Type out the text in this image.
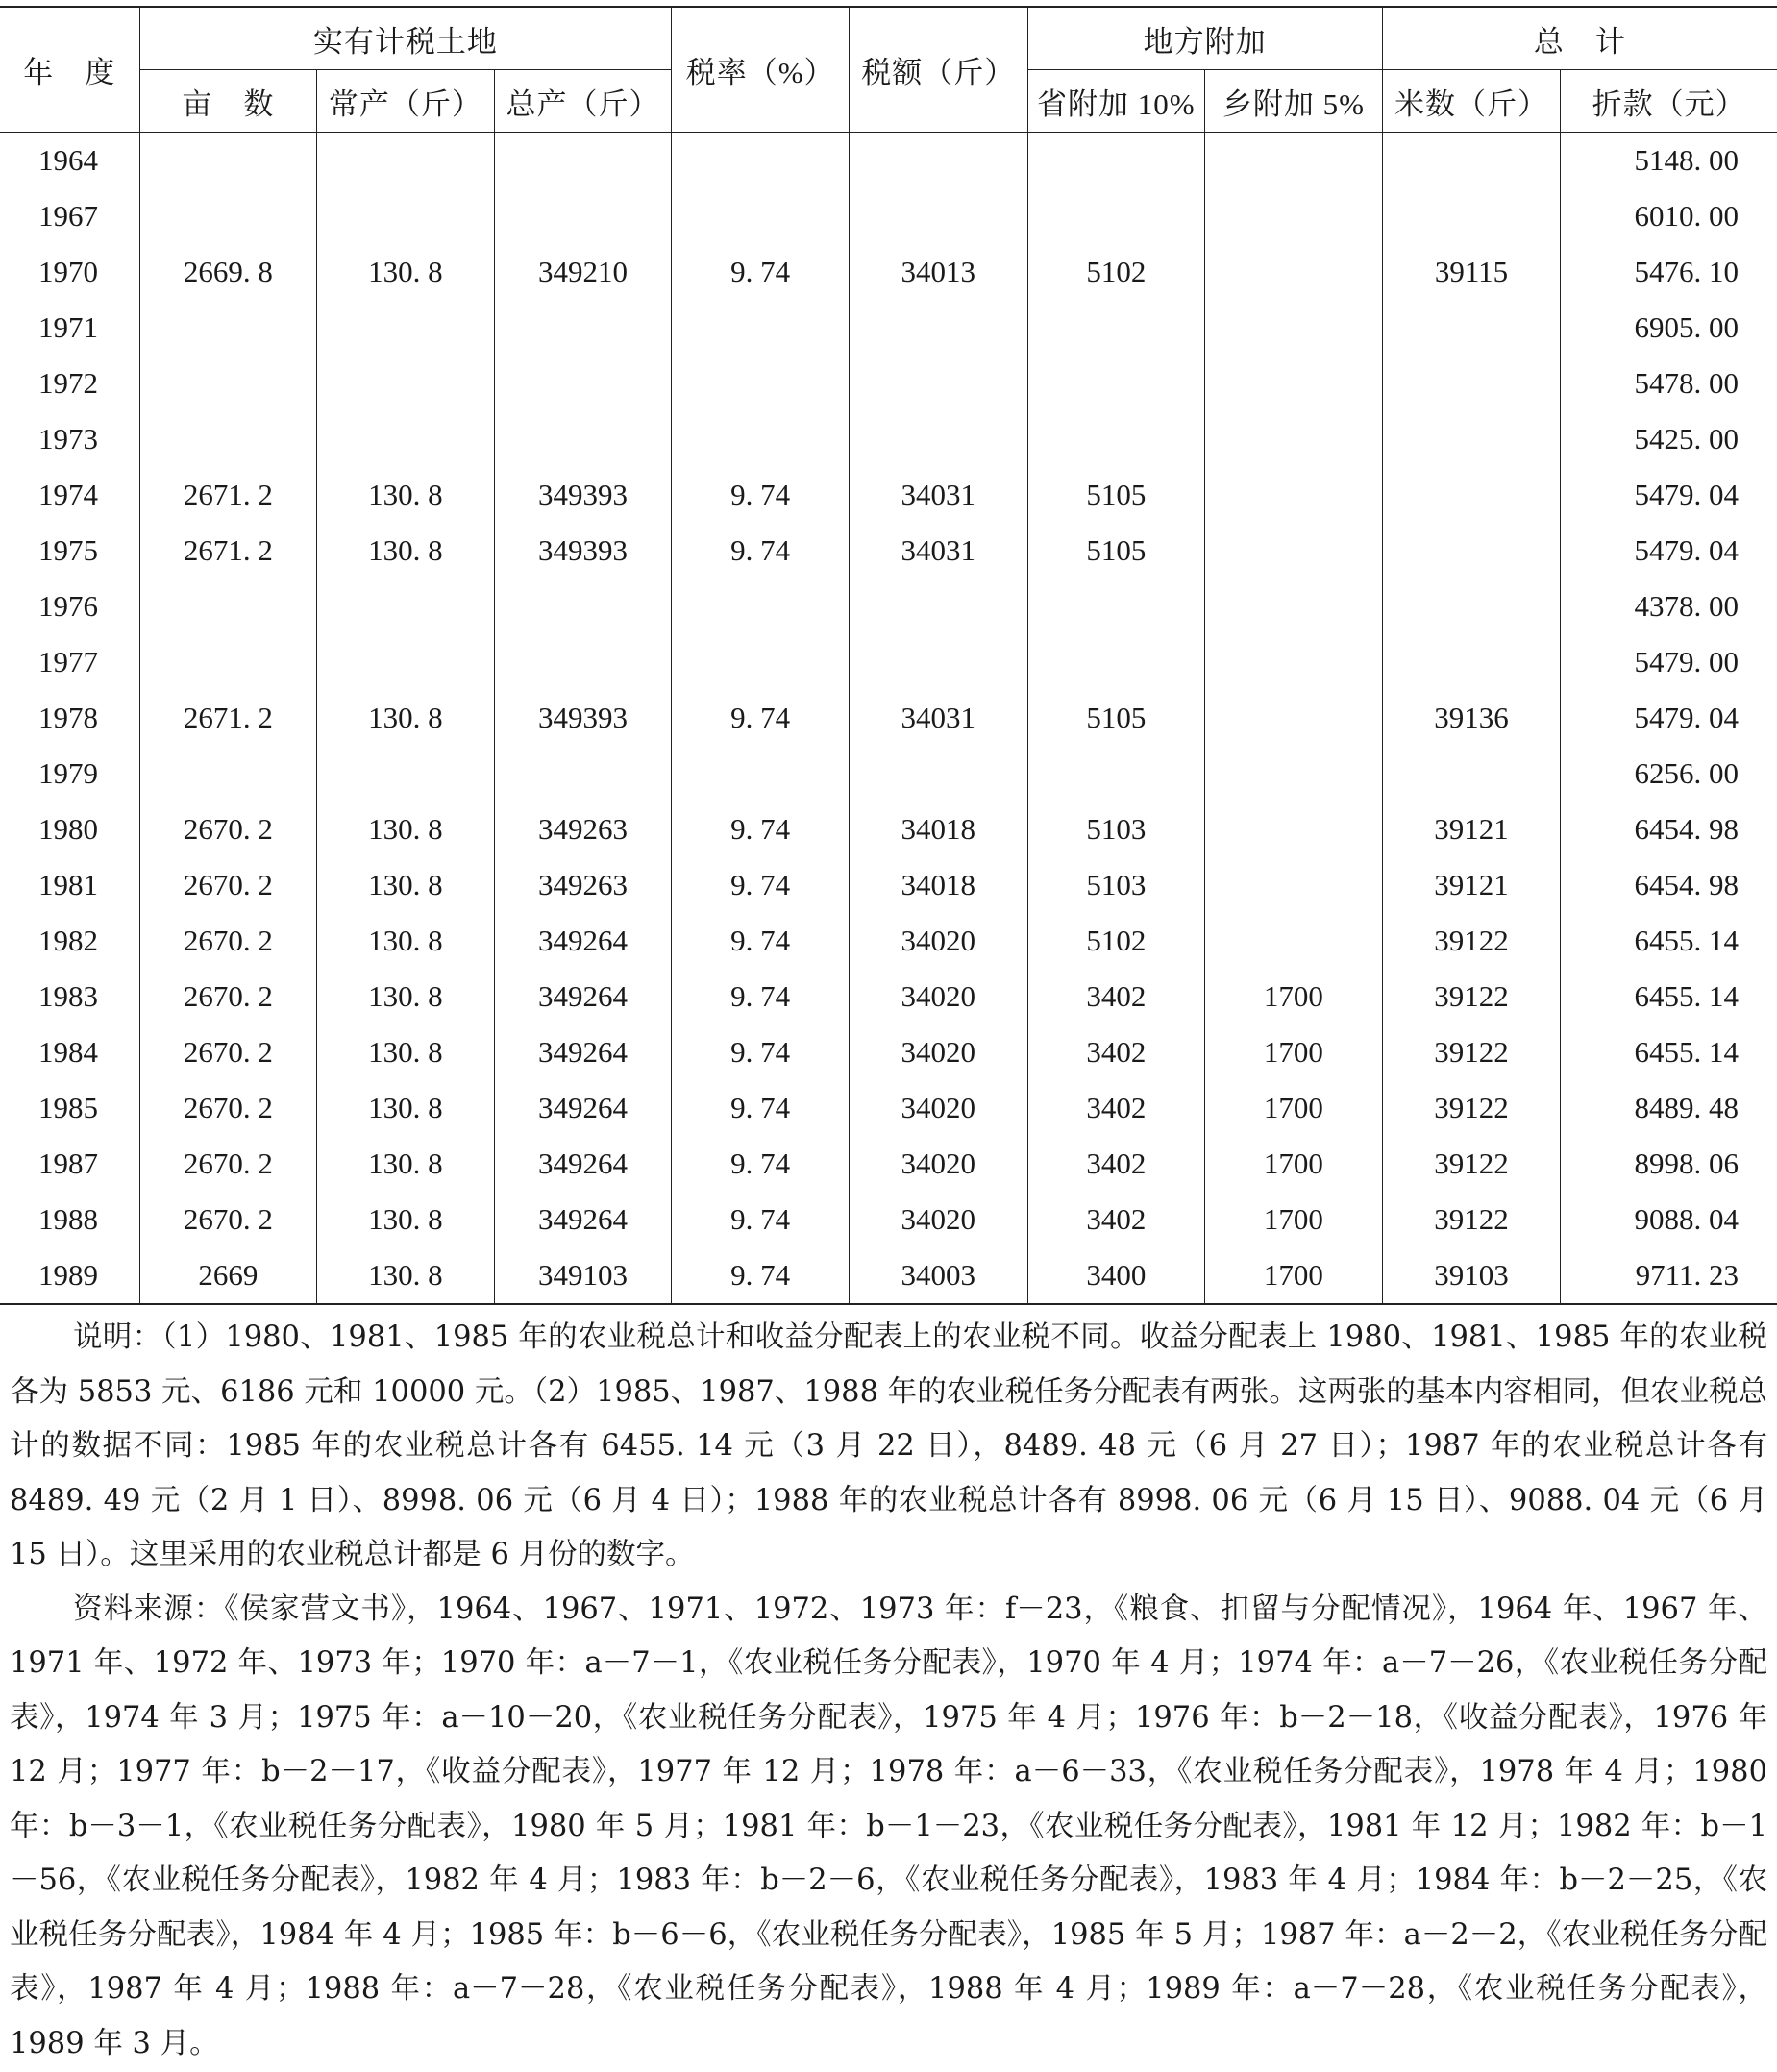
年　度	实有计税土地			税率（%）	税额（斤）	地方附加		总　计	
	亩　数	常产（斤）	总产（斤）			省附加 10%	乡附加 5%	米数（斤）	折款（元）
1964									5148. 00
1967									6010. 00
1970	2669. 8	130. 8	349210	9. 74	34013	5102		39115	5476. 10
1971									6905. 00
1972									5478. 00
1973									5425. 00
1974	2671. 2	130. 8	349393	9. 74	34031	5105			5479. 04
1975	2671. 2	130. 8	349393	9. 74	34031	5105			5479. 04
1976									4378. 00
1977									5479. 00
1978	2671. 2	130. 8	349393	9. 74	34031	5105		39136	5479. 04
1979									6256. 00
1980	2670. 2	130. 8	349263	9. 74	34018	5103		39121	6454. 98
1981	2670. 2	130. 8	349263	9. 74	34018	5103		39121	6454. 98
1982	2670. 2	130. 8	349264	9. 74	34020	5102		39122	6455. 14
1983	2670. 2	130. 8	349264	9. 74	34020	3402	1700	39122	6455. 14
1984	2670. 2	130. 8	349264	9. 74	34020	3402	1700	39122	6455. 14
1985	2670. 2	130. 8	349264	9. 74	34020	3402	1700	39122	8489. 48
1987	2670. 2	130. 8	349264	9. 74	34020	3402	1700	39122	8998. 06
1988	2670. 2	130. 8	349264	9. 74	34020	3402	1700	39122	9088. 04
1989	2669	130. 8	349103	9. 74	34003	3400	1700	39103	9711. 23

说明：（1）1980、1981、1985 年的农业税总计和收益分配表上的农业税不同。收益分配表上 1980、1981、1985 年的农业税各为 5853 元、6186 元和 10000 元。（2）1985、1987、1988 年的农业税任务分配表有两张。这两张的基本内容相同，但农业税总计的数据不同：1985 年的农业税总计各有 6455. 14 元（3 月 22 日），8489. 48 元（6 月 27 日）；1987 年的农业税总计各有 8489. 49 元（2 月 1 日）、8998. 06 元（6 月 4 日）；1988 年的农业税总计各有 8998. 06 元（6 月 15 日）、9088. 04 元（6 月 15 日）。这里采用的农业税总计都是 6 月份的数字。

资料来源：《侯家营文书》，1964、1967、1971、1972、1973 年：f－23，《粮食、扣留与分配情况》，1964 年、1967 年、1971 年、1972 年、1973 年；1970 年：a－7－1，《农业税任务分配表》，1970 年 4 月；1974 年：a－7－26，《农业税任务分配表》，1974 年 3 月；1975 年：a－10－20，《农业税任务分配表》，1975 年 4 月；1976 年：b－2－18，《收益分配表》，1976 年 12 月；1977 年：b－2－17，《收益分配表》，1977 年 12 月；1978 年：a－6－33，《农业税任务分配表》，1978 年 4 月；1980 年：b－3－1，《农业税任务分配表》，1980 年 5 月；1981 年：b－1－23，《农业税任务分配表》，1981 年 12 月；1982 年：b－1－56，《农业税任务分配表》，1982 年 4 月；1983 年：b－2－6，《农业税任务分配表》，1983 年 4 月；1984 年：b－2－25，《农业税任务分配表》，1984 年 4 月；1985 年：b－6－6，《农业税任务分配表》，1985 年 5 月；1987 年：a－2－2，《农业税任务分配表》，1987 年 4 月；1988 年：a－7－28，《农业税任务分配表》，1988 年 4 月；1989 年：a－7－28，《农业税任务分配表》，1989 年 3 月。
